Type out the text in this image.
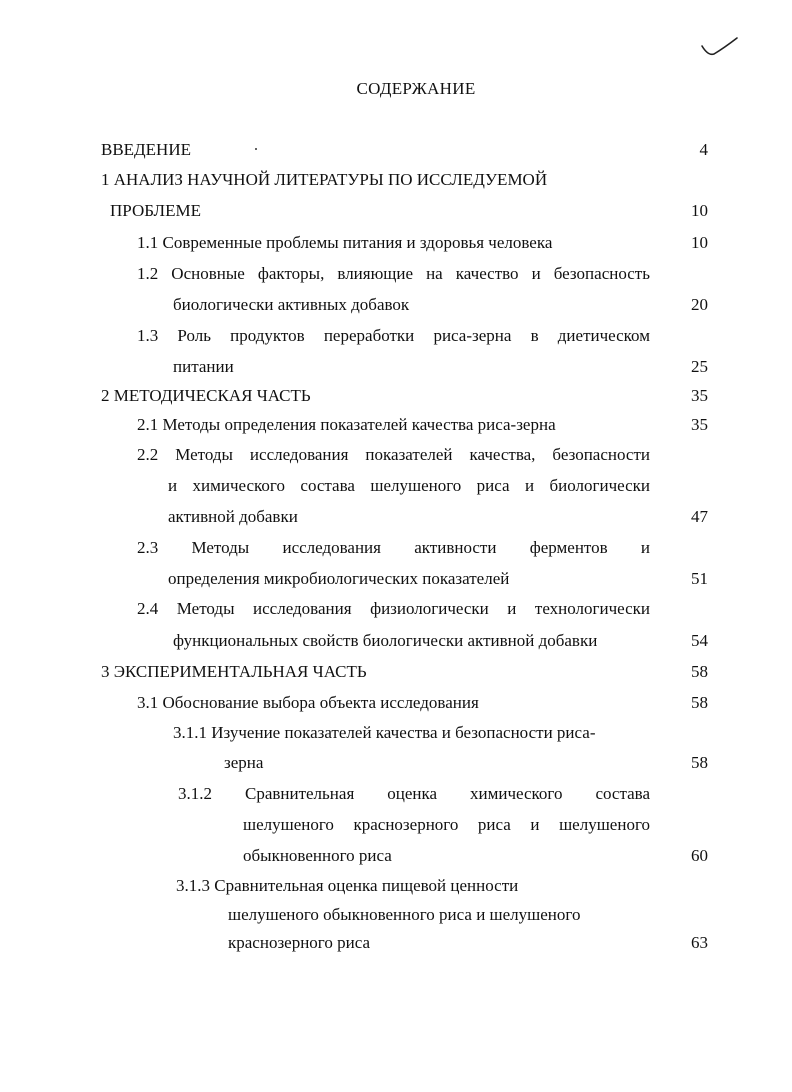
СОДЕРЖАНИЕ
ВВЕДЕНИЕ	4
1 АНАЛИЗ НАУЧНОЙ ЛИТЕРАТУРЫ ПО ИССЛЕДУЕМОЙ
ПРОБЛЕМЕ	10
1.1 Современные проблемы питания и здоровья человека	10
1.2 Основные факторы, влияющие на качество и безопасность
биологически активных добавок	20
1.3 Роль продуктов переработки риса-зерна в диетическом
питании	25
2 МЕТОДИЧЕСКАЯ ЧАСТЬ	35
2.1 Методы определения показателей качества риса-зерна	35
2.2 Методы исследования показателей качества, безопасности
и химического состава шелушеного риса и биологически
активной добавки	47
2.3 Методы исследования активности ферментов и
определения микробиологических показателей	51
2.4 Методы исследования физиологически и технологически
функциональных свойств биологически активной добавки	54
3 ЭКСПЕРИМЕНТАЛЬНАЯ ЧАСТЬ	58
3.1 Обоснование выбора объекта исследования	58
3.1.1 Изучение показателей качества и безопасности риса-
зерна	58
3.1.2 Сравнительная оценка химического состава
шелушеного краснозерного риса и шелушеного
обыкновенного риса	60
3.1.3 Сравнительная оценка пищевой ценности
шелушеного обыкновенного риса и шелушеного
краснозерного риса	63
